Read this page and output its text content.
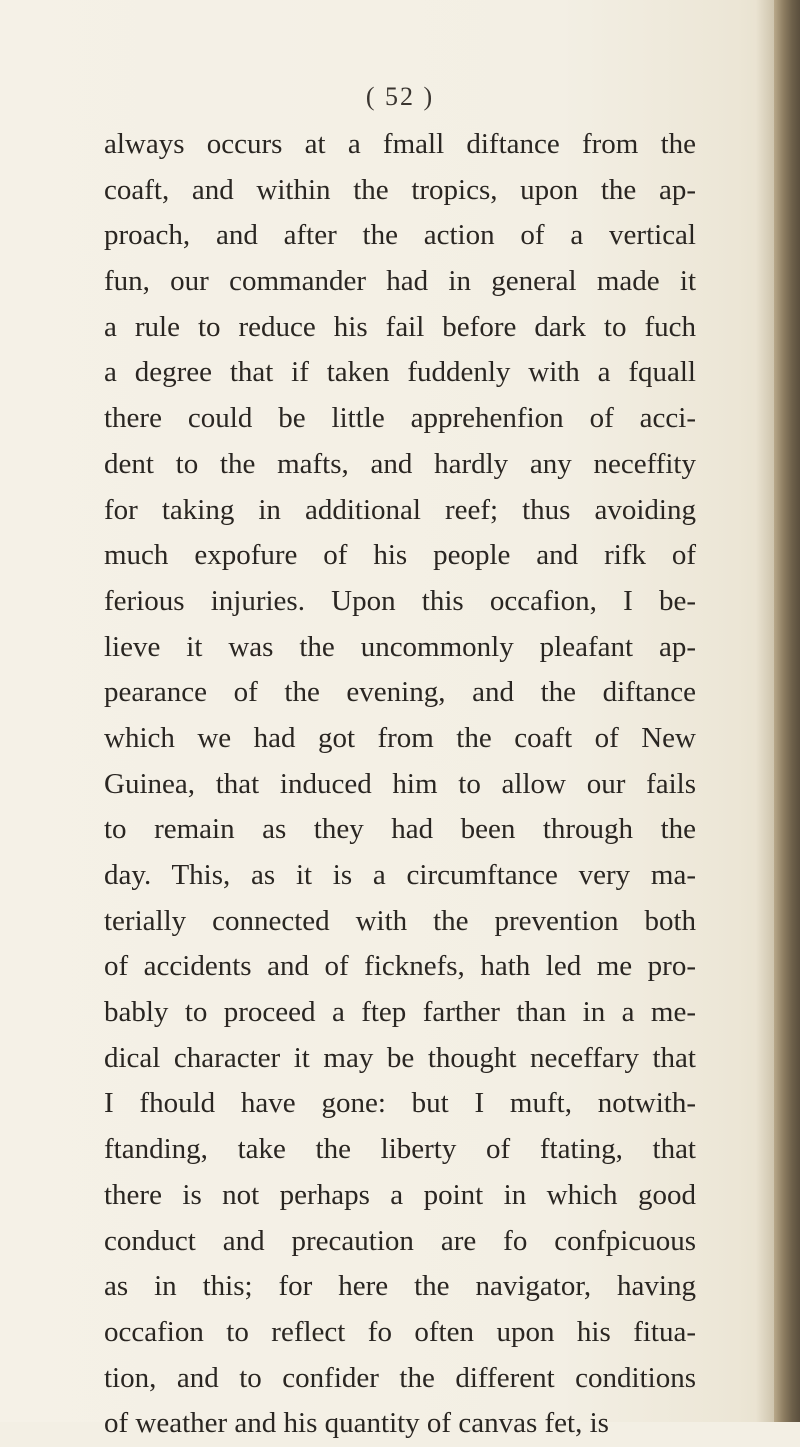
( 52 )
always occurs at a fmall diftance from the
coaft, and within the tropics, upon the ap-
proach, and after the action of a vertical
fun, our commander had in general made it
a rule to reduce his fail before dark to fuch
a degree that if taken fuddenly with a fquall
there could be little apprehenfion of acci-
dent to the mafts, and hardly any neceffity
for taking in additional reef; thus avoiding
much expofure of his people and rifk of
ferious injuries. Upon this occafion, I be-
lieve it was the uncommonly pleafant ap-
pearance of the evening, and the diftance
which we had got from the coaft of New
Guinea, that induced him to allow our fails
to remain as they had been through the
day. This, as it is a circumftance very ma-
terially connected with the prevention both
of accidents and of ficknefs, hath led me pro-
bably to proceed a ftep farther than in a me-
dical character it may be thought neceffary that
I fhould have gone: but I muft, notwith-
ftanding, take the liberty of ftating, that
there is not perhaps a point in which good
conduct and precaution are fo confpicuous
as in this; for here the navigator, having
occafion to reflect fo often upon his fitua-
tion, and to confider the different conditions
of weather and his quantity of canvas fet, is
